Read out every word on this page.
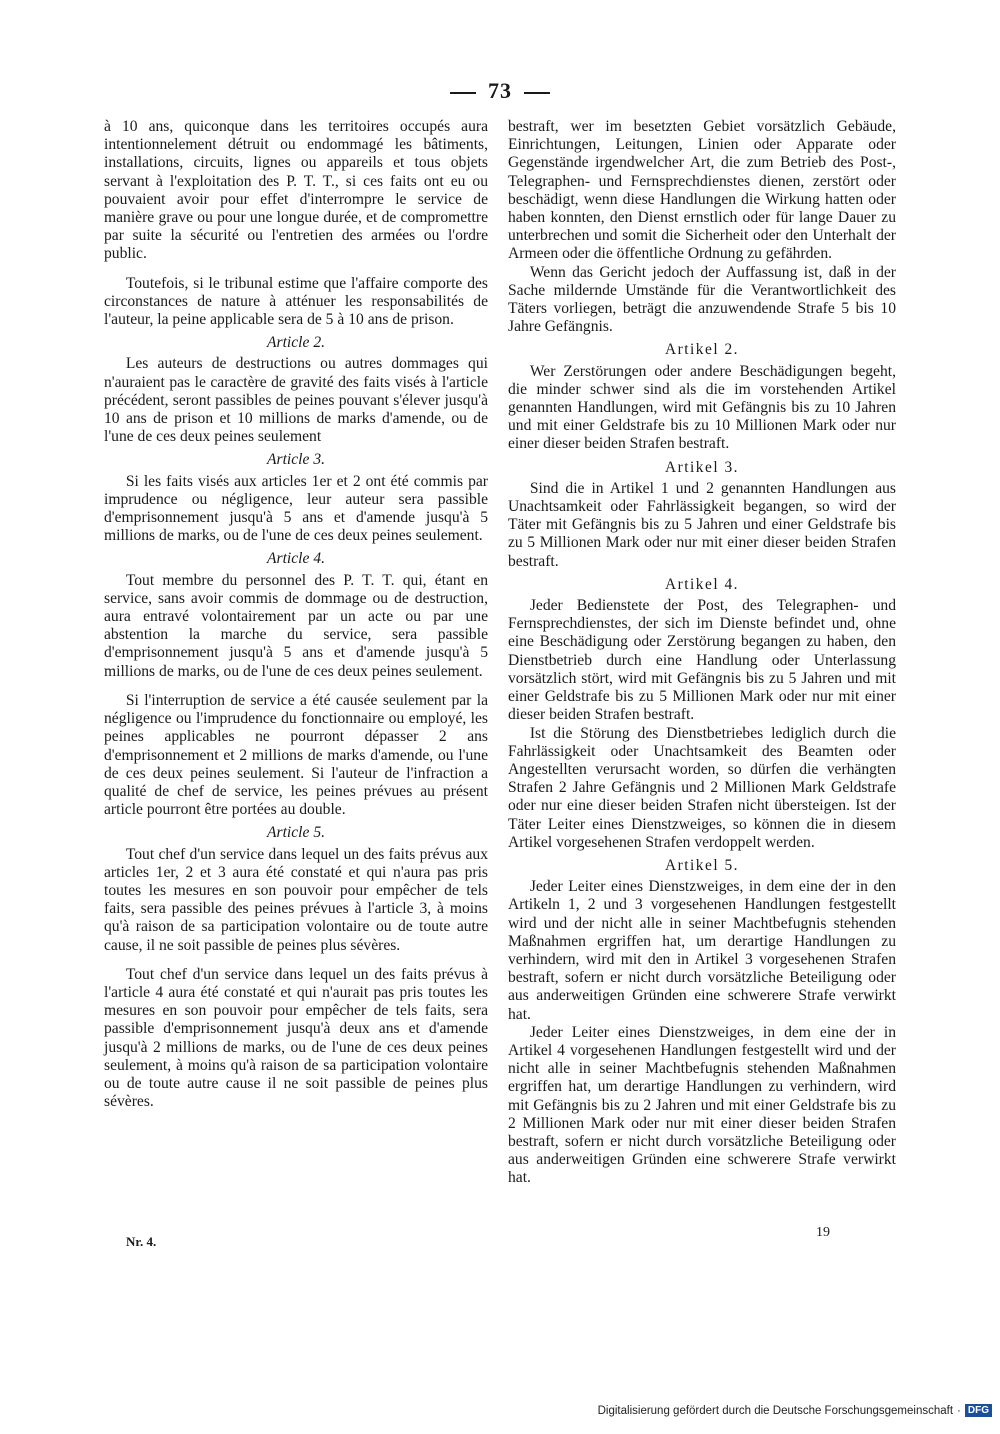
73

à 10 ans, quiconque dans les territoires occupés aura intentionnelement détruit ou endommagé les bâtiments, installations, circuits, lignes ou appareils et tous objets servant à l'exploitation des P. T. T., si ces faits ont eu ou pouvaient avoir pour effet d'interrompre le service de manière grave ou pour une longue durée, et de compromettre par suite la sécurité ou l'entretien des armées ou l'ordre public.

Toutefois, si le tribunal estime que l'affaire comporte des circonstances de nature à atténuer les responsabilités de l'auteur, la peine applicable sera de 5 à 10 ans de prison.

Article 2.

Les auteurs de destructions ou autres dommages qui n'auraient pas le caractère de gravité des faits visés à l'article précédent, seront passibles de peines pouvant s'élever jusqu'à 10 ans de prison et 10 millions de marks d'amende, ou de l'une de ces deux peines seulement

Article 3.

Si les faits visés aux articles 1er et 2 ont été commis par imprudence ou négligence, leur auteur sera passible d'emprisonnement jusqu'à 5 ans et d'amende jusqu'à 5 millions de marks, ou de l'une de ces deux peines seulement.

Article 4.

Tout membre du personnel des P. T. T. qui, étant en service, sans avoir commis de dommage ou de destruction, aura entravé volontairement par un acte ou par une abstention la marche du service, sera passible d'emprisonnement jusqu'à 5 ans et d'amende jusqu'à 5 millions de marks, ou de l'une de ces deux peines seulement.

Si l'interruption de service a été causée seulement par la négligence ou l'imprudence du fonctionnaire ou employé, les peines applicables ne pourront dépasser 2 ans d'emprisonnement et 2 millions de marks d'amende, ou l'une de ces deux peines seulement. Si l'auteur de l'infraction a qualité de chef de service, les peines prévues au présent article pourront être portées au double.

Article 5.

Tout chef d'un service dans lequel un des faits prévus aux articles 1er, 2 et 3 aura été constaté et qui n'aura pas pris toutes les mesures en son pouvoir pour empêcher de tels faits, sera passible des peines prévues à l'article 3, à moins qu'à raison de sa participation volontaire ou de toute autre cause, il ne soit passible de peines plus sévères.

Tout chef d'un service dans lequel un des faits prévus à l'article 4 aura été constaté et qui n'aurait pas pris toutes les mesures en son pouvoir pour empêcher de tels faits, sera passible d'emprisonnement jusqu'à deux ans et d'amende jusqu'à 2 millions de marks, ou de l'une de ces deux peines seulement, à moins qu'à raison de sa participation volontaire ou de toute autre cause il ne soit passible de peines plus sévères.

bestraft, wer im besetzten Gebiet vorsätzlich Gebäude, Einrichtungen, Leitungen, Linien oder Apparate oder Gegenstände irgendwelcher Art, die zum Betrieb des Post-, Telegraphen- und Fernsprechdienstes dienen, zerstört oder beschädigt, wenn diese Handlungen die Wirkung hatten oder haben konnten, den Dienst ernstlich oder für lange Dauer zu unterbrechen und somit die Sicherheit oder den Unterhalt der Armeen oder die öffentliche Ordnung zu gefährden.

Wenn das Gericht jedoch der Auffassung ist, daß in der Sache mildernde Umstände für die Verantwortlichkeit des Täters vorliegen, beträgt die anzuwendende Strafe 5 bis 10 Jahre Gefängnis.

Artikel 2.

Wer Zerstörungen oder andere Beschädigungen begeht, die minder schwer sind als die im vorstehenden Artikel genannten Handlungen, wird mit Gefängnis bis zu 10 Jahren und mit einer Geldstrafe bis zu 10 Millionen Mark oder nur einer dieser beiden Strafen bestraft.

Artikel 3.

Sind die in Artikel 1 und 2 genannten Handlungen aus Unachtsamkeit oder Fahrlässigkeit begangen, so wird der Täter mit Gefängnis bis zu 5 Jahren und einer Geldstrafe bis zu 5 Millionen Mark oder nur mit einer dieser beiden Strafen bestraft.

Artikel 4.

Jeder Bedienstete der Post, des Telegraphen- und Fernsprechdienstes, der sich im Dienste befindet und, ohne eine Beschädigung oder Zerstörung begangen zu haben, den Dienstbetrieb durch eine Handlung oder Unterlassung vorsätzlich stört, wird mit Gefängnis bis zu 5 Jahren und mit einer Geldstrafe bis zu 5 Millionen Mark oder nur mit einer dieser beiden Strafen bestraft.

Ist die Störung des Dienstbetriebes lediglich durch die Fahrlässigkeit oder Unachtsamkeit des Beamten oder Angestellten verursacht worden, so dürfen die verhängten Strafen 2 Jahre Gefängnis und 2 Millionen Mark Geldstrafe oder nur eine dieser beiden Strafen nicht übersteigen. Ist der Täter Leiter eines Dienstzweiges, so können die in diesem Artikel vorgesehenen Strafen verdoppelt werden.

Artikel 5.

Jeder Leiter eines Dienstzweiges, in dem eine der in den Artikeln 1, 2 und 3 vorgesehenen Handlungen festgestellt wird und der nicht alle in seiner Machtbefugnis stehenden Maßnahmen ergriffen hat, um derartige Handlungen zu verhindern, wird mit den in Artikel 3 vorgesehenen Strafen bestraft, sofern er nicht durch vorsätzliche Beteiligung oder aus anderweitigen Gründen eine schwerere Strafe verwirkt hat.

Jeder Leiter eines Dienstzweiges, in dem eine der in Artikel 4 vorgesehenen Handlungen festgestellt wird und der nicht alle in seiner Machtbefugnis stehenden Maßnahmen ergriffen hat, um derartige Handlungen zu verhindern, wird mit Gefängnis bis zu 2 Jahren und mit einer Geldstrafe bis zu 2 Millionen Mark oder nur mit einer dieser beiden Strafen bestraft, sofern er nicht durch vorsätzliche Beteiligung oder aus anderweitigen Gründen eine schwerere Strafe verwirkt hat.

Nr. 4.
19
Digitalisierung gefördert durch die Deutsche Forschungsgemeinschaft · DFG
